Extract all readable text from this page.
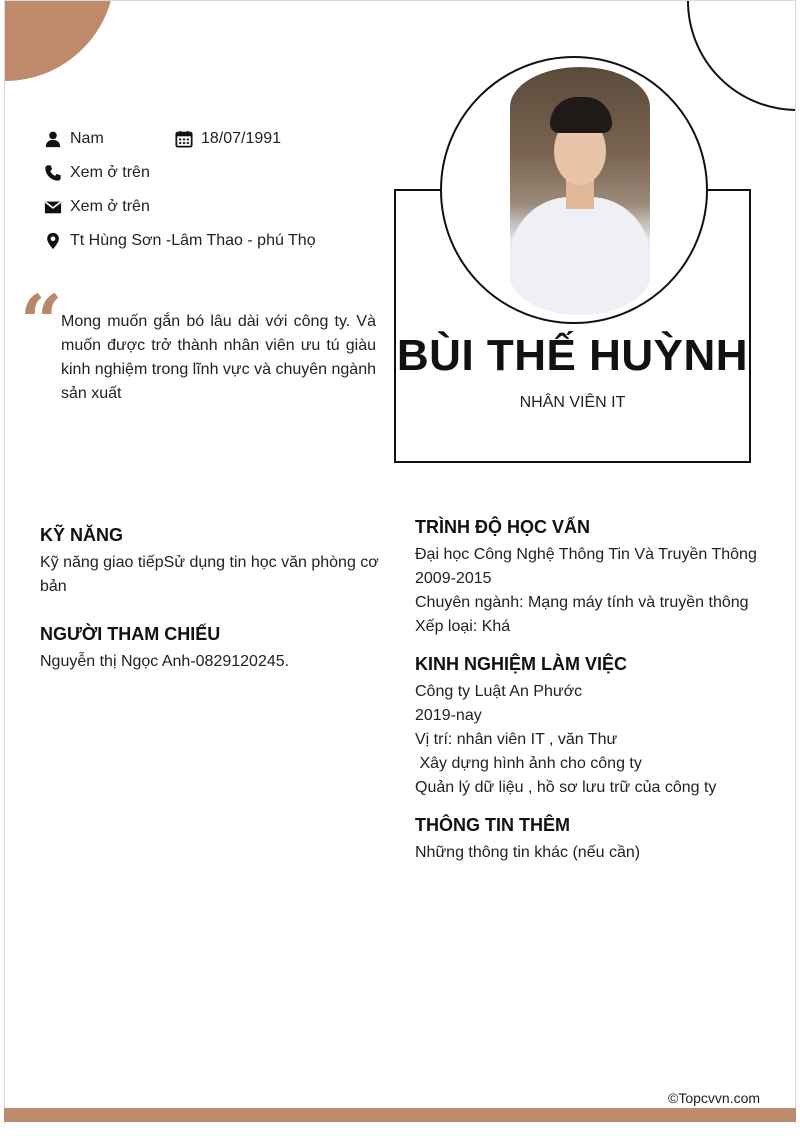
Nam	18/07/1991
Xem ở trên
Xem ở trên
Tt Hùng Sơn -Lâm Thao - phú Thọ
“
Mong muốn gắn bó lâu dài với công ty. Và muốn được trở thành nhân viên ưu tú giàu kinh nghiệm trong lĩnh vực và chuyên ngành sản xuất
BÙI THẾ HUỲNH
NHÂN VIÊN IT
KỸ NĂNG
Kỹ năng giao tiếpSử dụng tin học văn phòng cơ bản
NGƯỜI THAM CHIẾU
Nguyễn thị Ngọc Anh-0829120245.
TRÌNH ĐỘ HỌC VẤN
Đại học Công Nghệ Thông Tin Và Truyền Thông
2009-2015
Chuyên ngành: Mạng máy tính và truyền thông
Xếp loại: Khá
KINH NGHIỆM LÀM VIỆC
Công ty Luật An Phước
2019-nay
Vị trí: nhân viên IT , văn Thư
Xây dựng hình ảnh cho công ty
Quản lý dữ liệu , hồ sơ lưu trữ của công ty
THÔNG TIN THÊM
Những thông tin khác (nếu cần)
©Topcvvn.com
